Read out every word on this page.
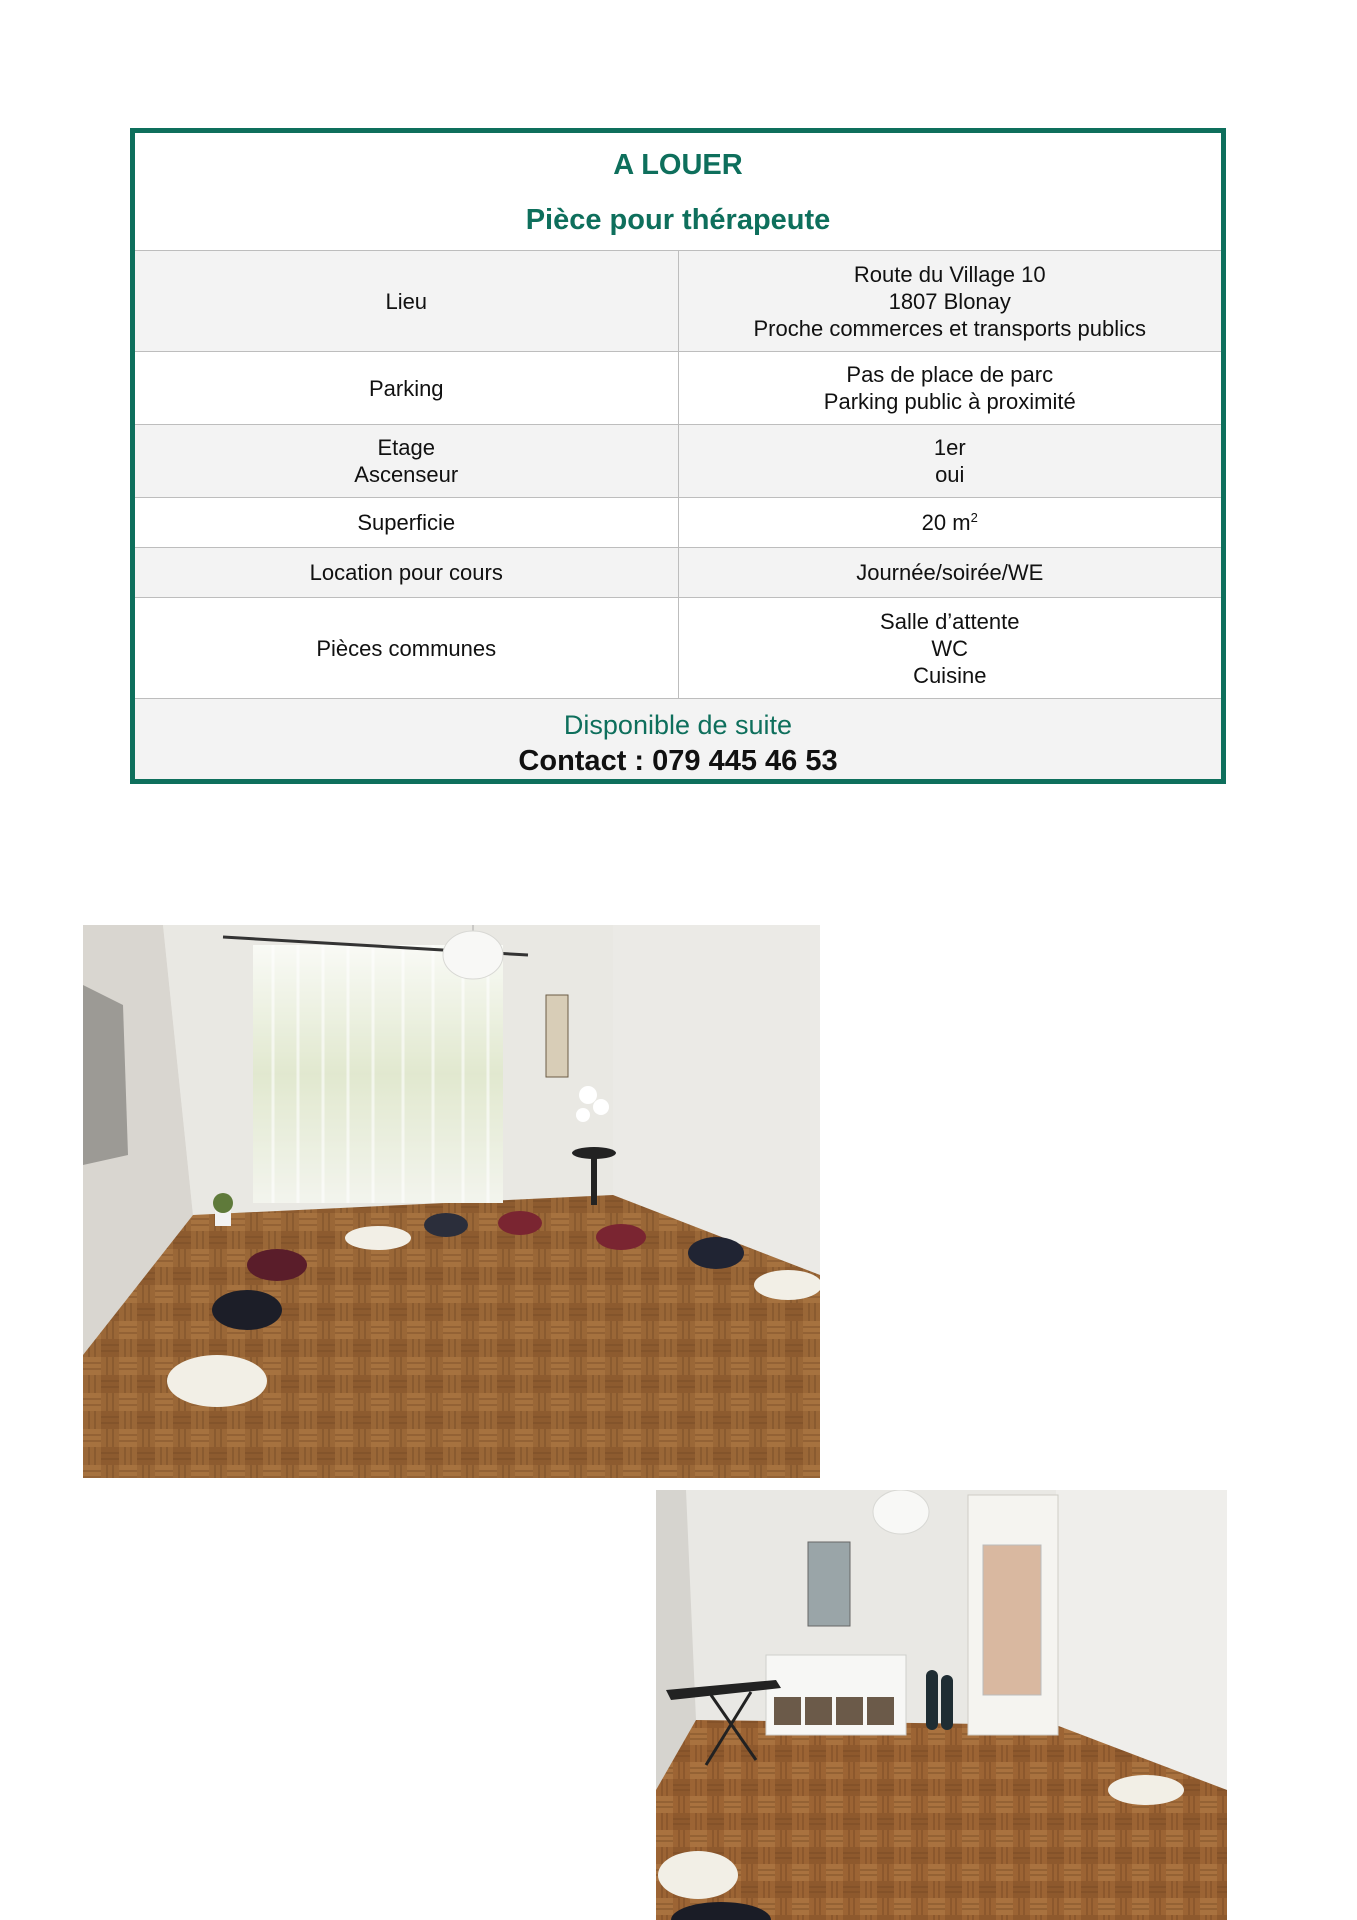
A LOUER
Pièce pour thérapeute
Lieu
Route du Village 10
1807 Blonay
Proche commerces et transports publics
Parking
Pas de place de parc
Parking public à proximité
Etage
Ascenseur
1er
oui
Superficie	20 $m^2$
Location pour cours	Journée/soirée/WE
Pièces communes
Salle d’attente
WC
Cuisine
Disponible de suite
Contact : 079 445 46 53
